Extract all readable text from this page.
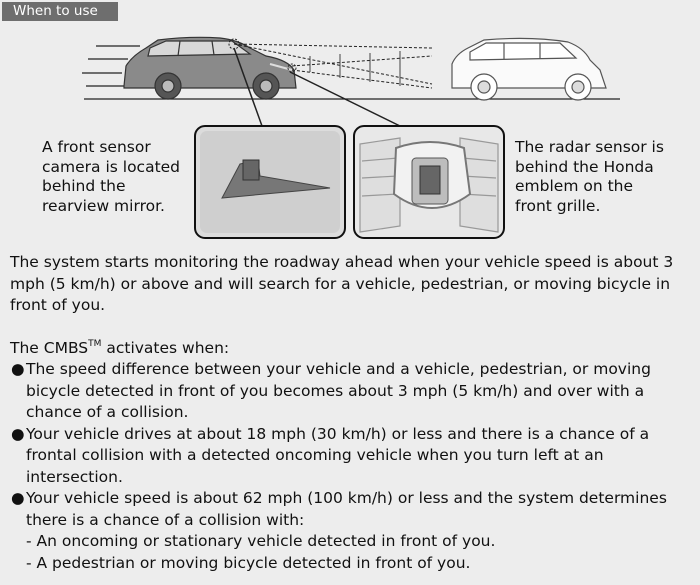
When to use
A front sensor
camera is located
behind the
rearview mirror.
The radar sensor is
behind the Honda
emblem on the
front grille.

The system starts monitoring the roadway ahead when your vehicle speed is about 3 mph (5 km/h) or above and will search for a vehicle, pedestrian, or moving bicycle in front of you.

The CMBS™ activates when:

● The speed difference between your vehicle and a vehicle, pedestrian, or moving bicycle detected in front of you becomes about 3 mph (5 km/h) and over with a chance of a collision.
● Your vehicle drives at about 18 mph (30 km/h) or less and there is a chance of a frontal collision with a detected oncoming vehicle when you turn left at an intersection.
● Your vehicle speed is about 62 mph (100 km/h) or less and the system determines there is a chance of a collision with:
- An oncoming or stationary vehicle detected in front of you.
- A pedestrian or moving bicycle detected in front of you.
